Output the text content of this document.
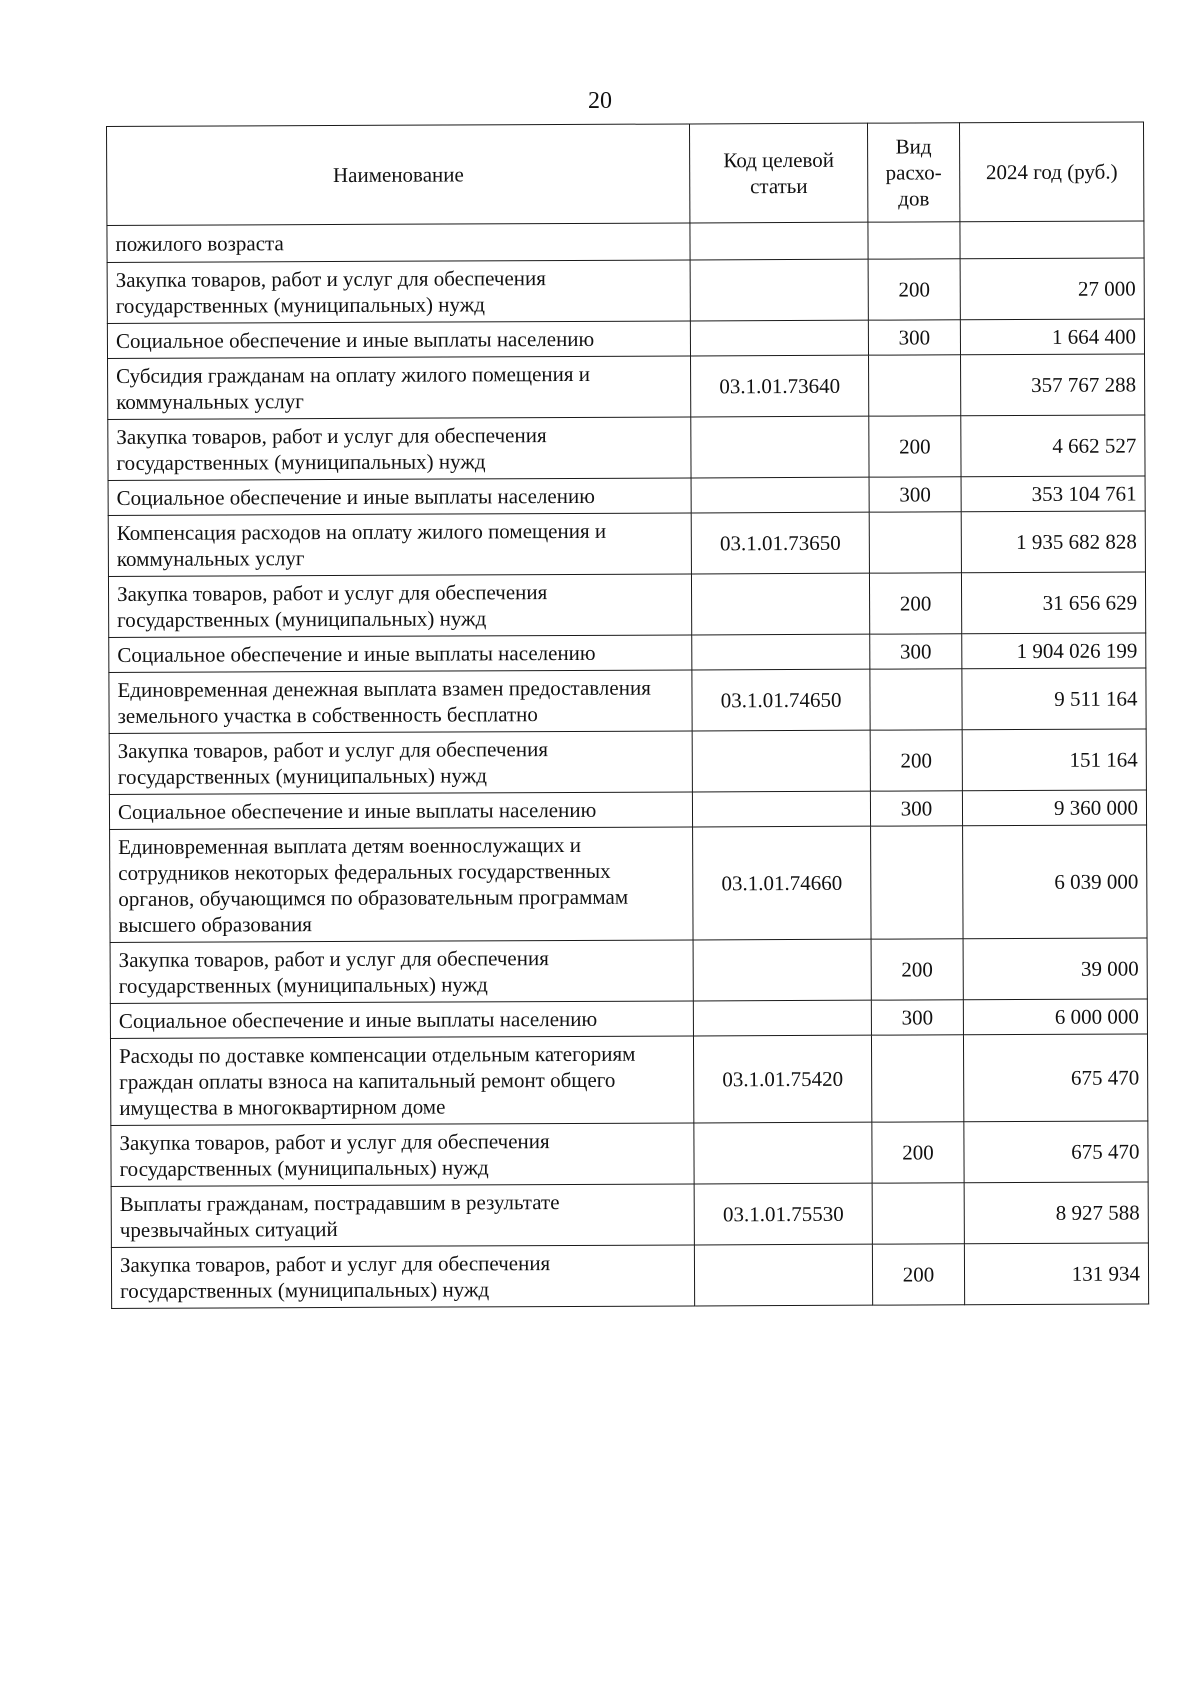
20
Наименование	Код целевой статьи	Вид расхо-дов	2024 год (руб.)
пожилого возраста			
Закупка товаров, работ и услуг для обеспечения государственных (муниципальных) нужд		200	27 000
Социальное обеспечение и иные выплаты населению		300	1 664 400
Субсидия гражданам на оплату жилого помещения и коммунальных услуг	03.1.01.73640		357 767 288
Закупка товаров, работ и услуг для обеспечения государственных (муниципальных) нужд		200	4 662 527
Социальное обеспечение и иные выплаты населению		300	353 104 761
Компенсация расходов на оплату жилого помещения и коммунальных услуг	03.1.01.73650		1 935 682 828
Закупка товаров, работ и услуг для обеспечения государственных (муниципальных) нужд		200	31 656 629
Социальное обеспечение и иные выплаты населению		300	1 904 026 199
Единовременная денежная выплата взамен предоставления земельного участка в собственность бесплатно	03.1.01.74650		9 511 164
Закупка товаров, работ и услуг для обеспечения государственных (муниципальных) нужд		200	151 164
Социальное обеспечение и иные выплаты населению		300	9 360 000
Единовременная выплата детям военнослужащих и сотрудников некоторых федеральных государственных органов, обучающимся по образовательным программам высшего образования	03.1.01.74660		6 039 000
Закупка товаров, работ и услуг для обеспечения государственных (муниципальных) нужд		200	39 000
Социальное обеспечение и иные выплаты населению		300	6 000 000
Расходы по доставке компенсации отдельным категориям граждан оплаты взноса на капитальный ремонт общего имущества в многоквартирном доме	03.1.01.75420		675 470
Закупка товаров, работ и услуг для обеспечения государственных (муниципальных) нужд		200	675 470
Выплаты гражданам, пострадавшим в результате чрезвычайных ситуаций	03.1.01.75530		8 927 588
Закупка товаров, работ и услуг для обеспечения государственных (муниципальных) нужд		200	131 934
